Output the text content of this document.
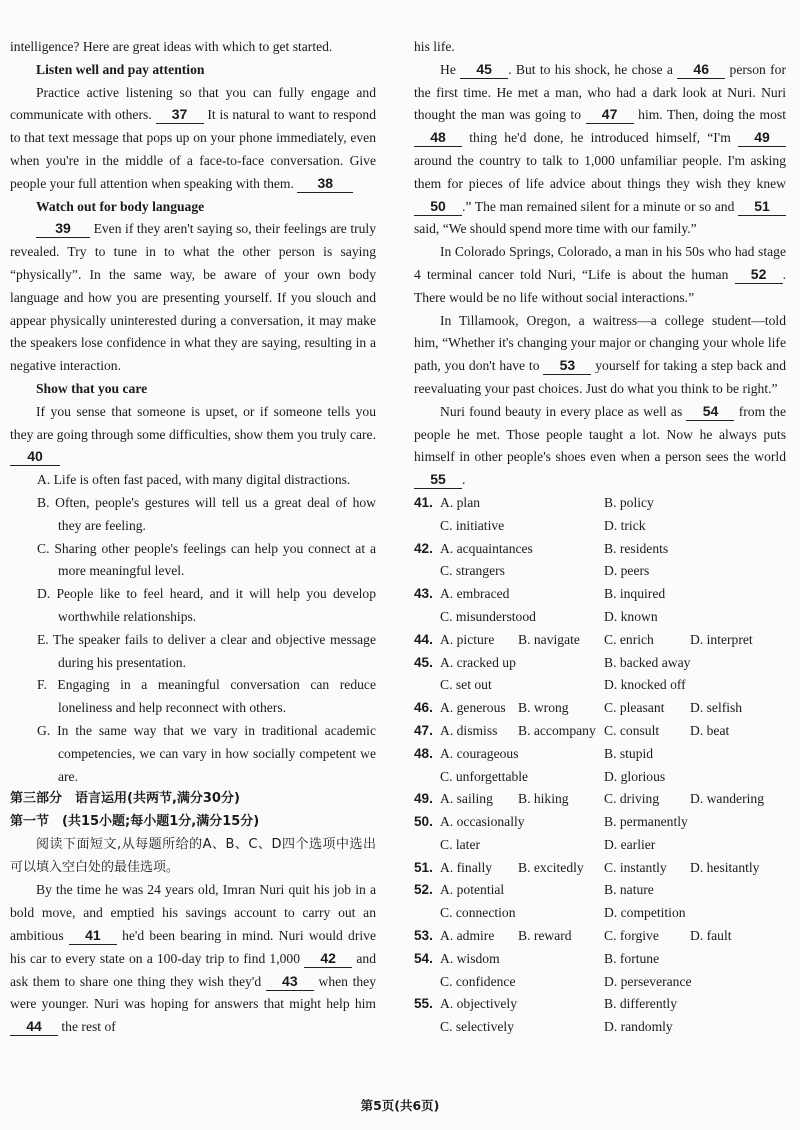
intelligence? Here are great ideas with which to get started.

Listen well and pay attention

Practice active listening so that you can fully engage and communicate with others. 37 It is natural to want to respond to that text message that pops up on your phone immediately, even when you're in the middle of a face-to-face conversation. Give people your full attention when speaking with them. 38

Watch out for body language

39 Even if they aren't saying so, their feelings are truly revealed. Try to tune in to what the other person is saying “physically”. In the same way, be aware of your own body language and how you are presenting yourself. If you slouch and appear physically uninterested during a conversation, it may make the speakers lose confidence in what they are saying, resulting in a negative interaction.

Show that you care

If you sense that someone is upset, or if someone tells you they are going through some difficulties, show them you truly care. 40

A. Life is often fast paced, with many digital distractions.

B. Often, people's gestures will tell us a great deal of how they are feeling.

C. Sharing other people's feelings can help you connect at a more meaningful level.

D. People like to feel heard, and it will help you develop worthwhile relationships.

E. The speaker fails to deliver a clear and objective message during his presentation.

F. Engaging in a meaningful conversation can reduce loneliness and help reconnect with others.

G. In the same way that we vary in traditional academic competencies, we can vary in how socially competent we are.

第三部分　语言运用(共两节,满分30分)
第一节　(共15小题;每小题1分,满分15分)

阅读下面短文,从每题所给的A、B、C、D四个选项中选出可以填入空白处的最佳选项。

By the time he was 24 years old, Imran Nuri quit his job in a bold move, and emptied his savings account to carry out an ambitious 41 he'd been bearing in mind. Nuri would drive his car to every state on a 100-day trip to find 1,000 42 and ask them to share one thing they wish they'd 43 when they were younger. Nuri was hoping for answers that might help him 44 the rest of

his life.

He 45 . But to his shock, he chose a 46 person for the first time. He met a man, who had a dark look at Nuri. Nuri thought the man was going to 47 him. Then, doing the most 48 thing he'd done, he introduced himself, “I'm 49 around the country to talk to 1,000 unfamiliar people. I'm asking them for pieces of life advice about things they wish they knew 50 .” The man remained silent for a minute or so and 51 said, “We should spend more time with our family.”

In Colorado Springs, Colorado, a man in his 50s who had stage 4 terminal cancer told Nuri, “Life is about the human 52 . There would be no life without social interactions.”

In Tillamook, Oregon, a waitress—a college student—told him, “Whether it's changing your major or changing your whole life path, you don't have to 53 yourself for taking a step back and reevaluating your past choices. Just do what you think to be right.”

Nuri found beauty in every place as well as 54 from the people he met. Those people taught a lot. Now he always puts himself in other people's shoes even when a person sees the world 55 .

41. A. plan	B. policy
C. initiative	D. trick
42. A. acquaintances	B. residents
C. strangers	D. peers
43. A. embraced	B. inquired
C. misunderstood	D. known
44. A. picture B. navigate C. enrich	D. interpret
45. A. cracked up	B. backed away
C. set out	D. knocked off
46. A. generous B. wrong	C. pleasant D. selfish
47. A. dismiss B. accompany C. consult D. beat
48. A. courageous	B. stupid
C. unforgettable	D. glorious
49. A. sailing B. hiking	C. driving D. wandering
50. A. occasionally	B. permanently
C. later	D. earlier
51. A. finally B. excitedly C. instantly D. hesitantly
52. A. potential	B. nature
C. connection	D. competition
53. A. admire B. reward C. forgive D. fault
54. A. wisdom	B. fortune
C. confidence	D. perseverance
55. A. objectively	B. differently
C. selectively	D. randomly
第5页(共6页)
